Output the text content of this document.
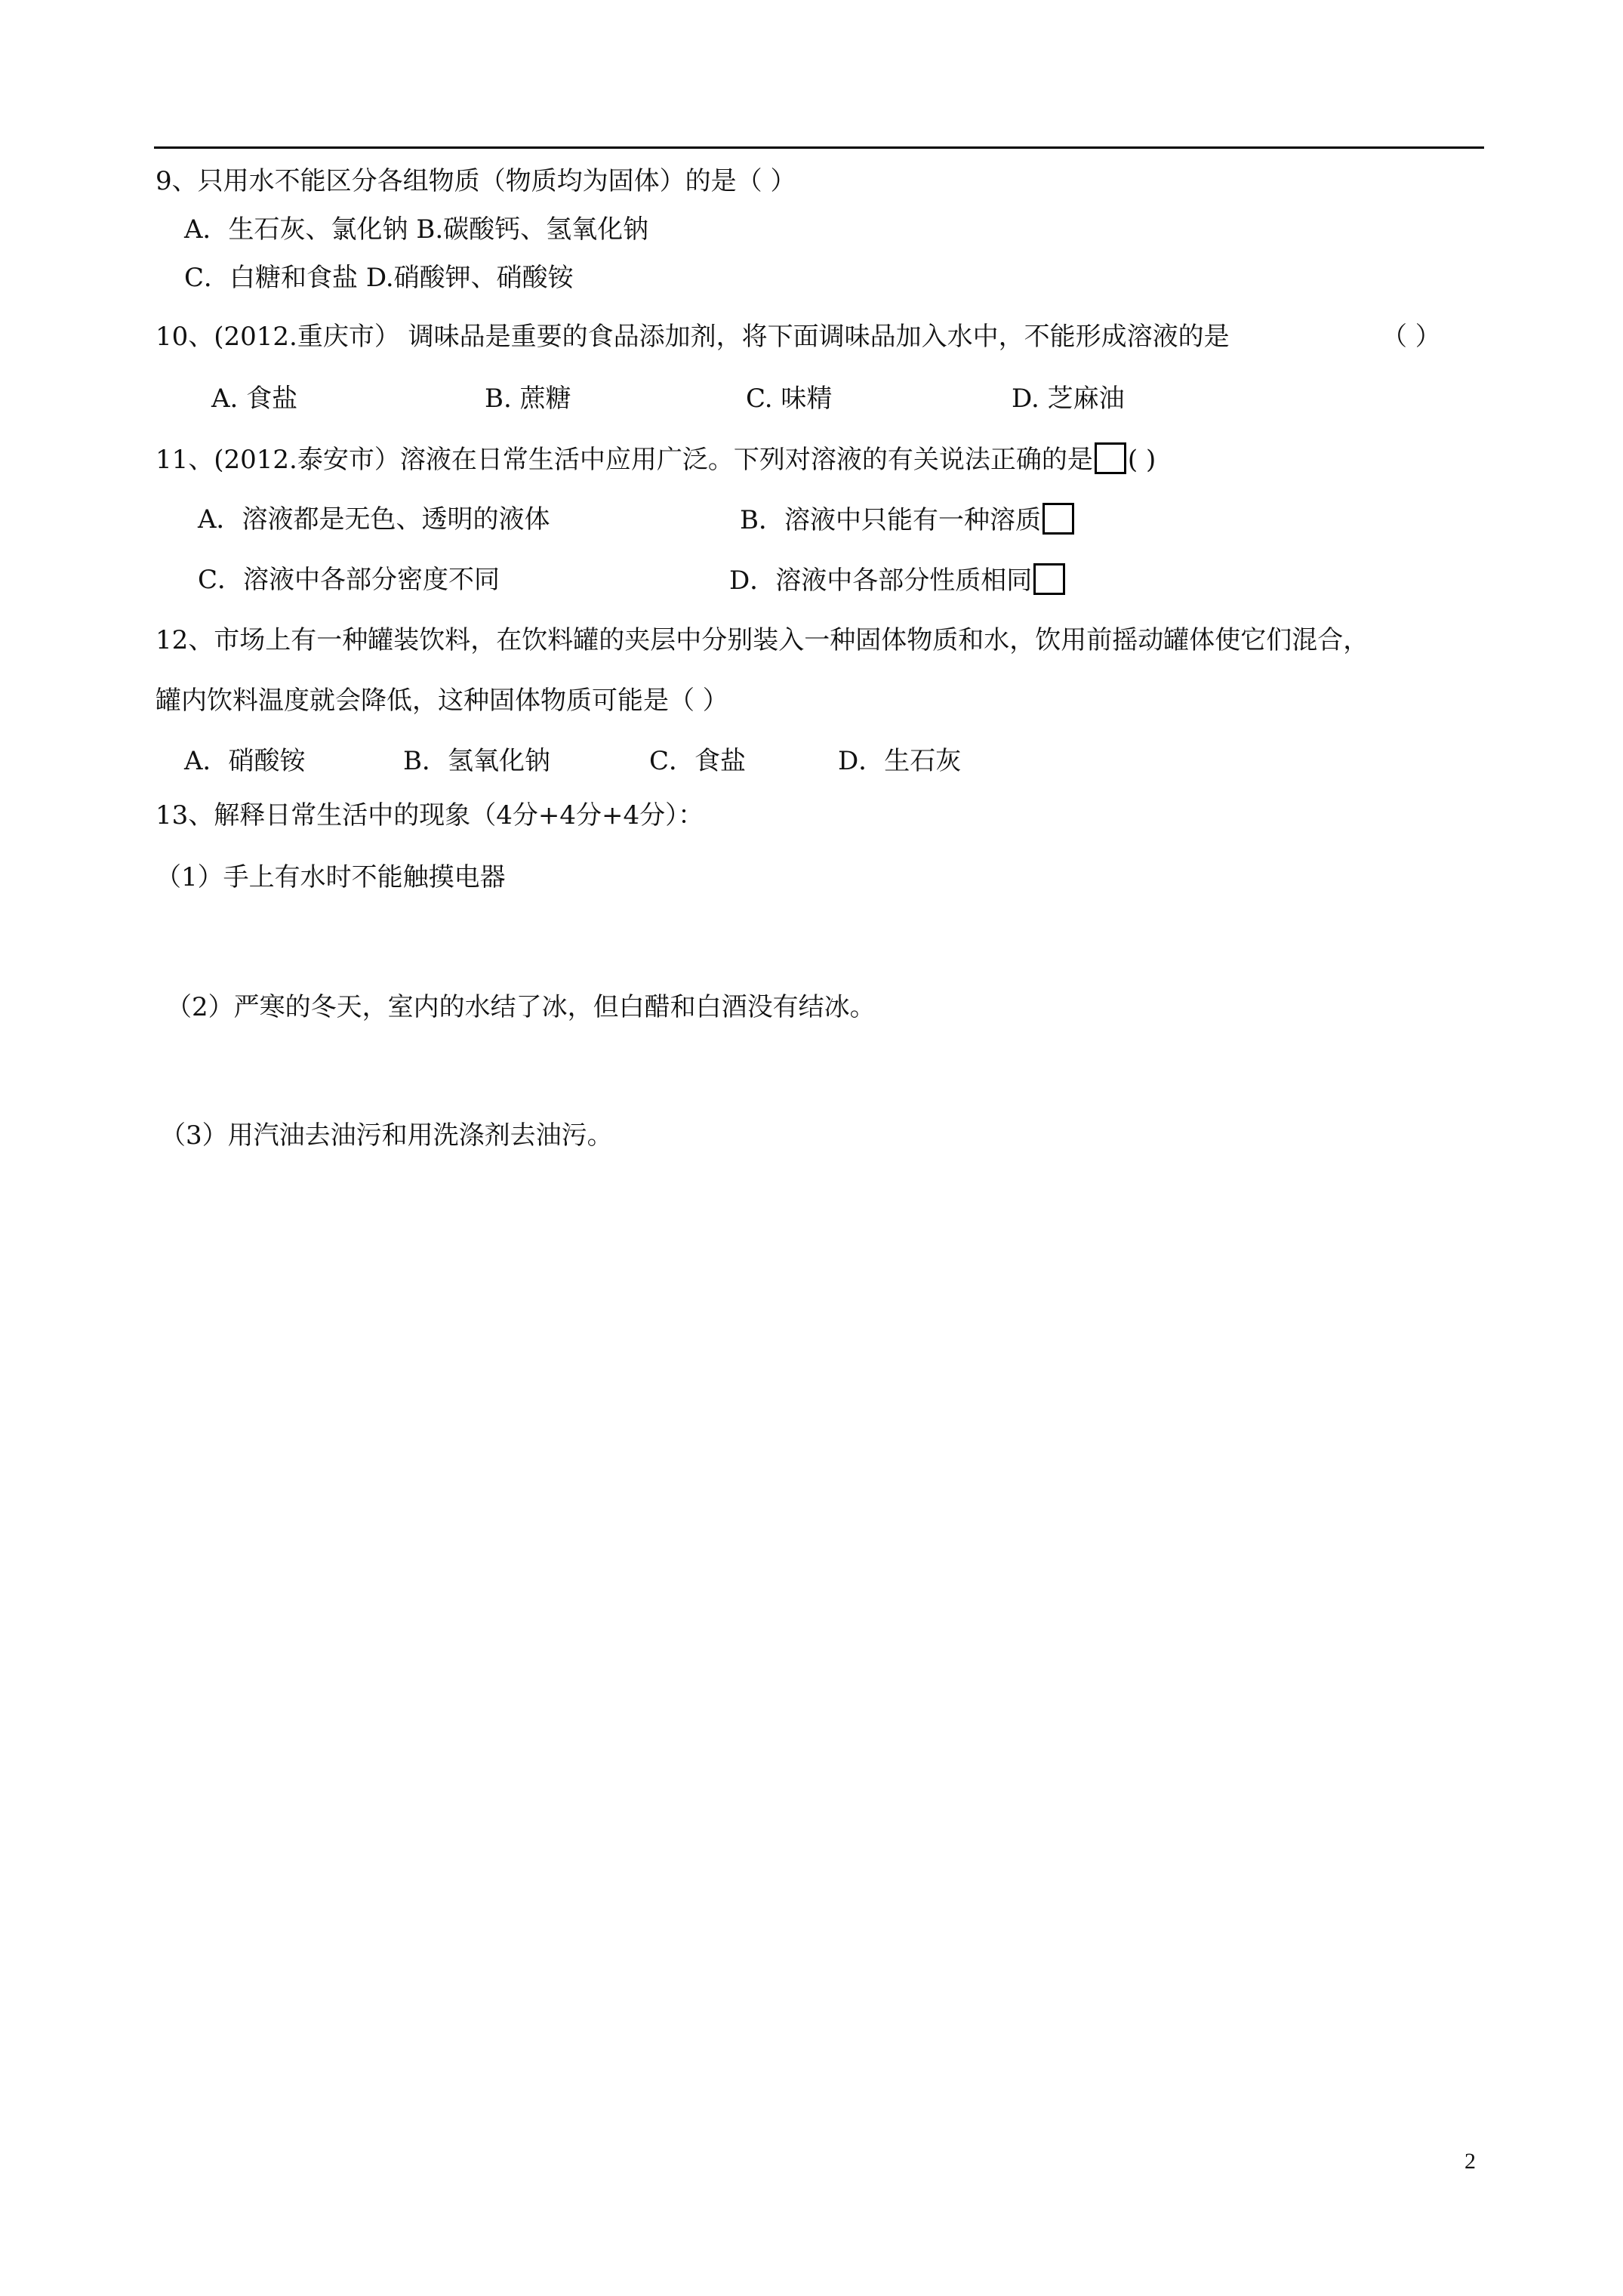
9、只用水不能区分各组物质（物质均为固体）的是（ ）
A．生石灰、氯化钠 B.碳酸钙、氢氧化钠
C．白糖和食盐 D.硝酸钾、硝酸铵
10、(2012.重庆市） 调味品是重要的食品添加剂，将下面调味品加入水中，不能形成溶液的是	（ ）
A. 食盐	B. 蔗糖	C. 味精	D. 芝麻油
11、(2012.泰安市）溶液在日常生活中应用广泛。下列对溶液的有关说法正确的是 ( )
A．溶液都是无色、透明的液体	B．溶液中只能有一种溶质
C．溶液中各部分密度不同	D．溶液中各部分性质相同
12、市场上有一种罐装饮料，在饮料罐的夹层中分别装入一种固体物质和水，饮用前摇动罐体使它们混合，
罐内饮料温度就会降低，这种固体物质可能是（ ）
A．硝酸铵	B．氢氧化钠	C．食盐	D．生石灰
13、解释日常生活中的现象（4分+4分+4分）：
（1）手上有水时不能触摸电器
（2）严寒的冬天，室内的水结了冰，但白醋和白酒没有结冰。
（3）用汽油去油污和用洗涤剂去油污。
2
